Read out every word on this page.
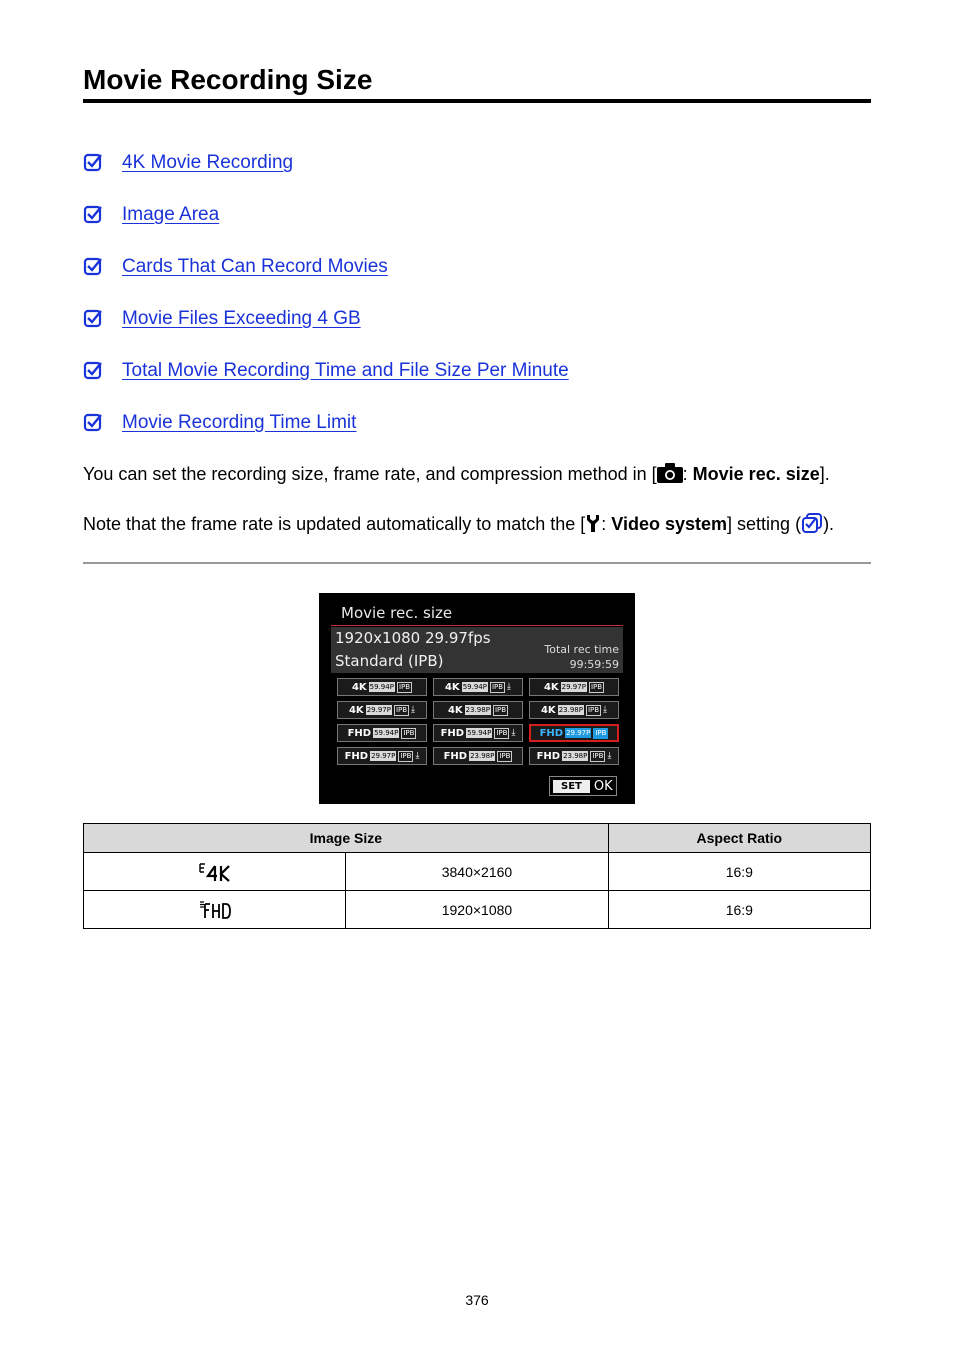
Movie Recording Size
4K Movie Recording
Image Area
Cards That Can Record Movies
Movie Files Exceeding 4 GB
Total Movie Recording Time and File Size Per Minute
Movie Recording Time Limit

You can set the recording size, frame rate, and compression method in [ : Movie rec. size].

Note that the frame rate is updated automatically to match the [ : Video system] setting ( ).

Movie rec. size
1920x1080 29.97fps
Standard (IPB)
Total rec time
99:59:59
4K 59.94P IPB	4K 59.94P IPB ⤓	4K 29.97P IPB
4K 29.97P IPB ⤓	4K 23.98P IPB	4K 23.98P IPB ⤓
FHD 59.94P IPB	FHD 59.94P IPB ⤓ FHD 29.97P IPB
FHD 29.97P IPB ⤓ FHD 23.98P IPB	FHD 23.98P IPB ⤓
SET OK
Image Size		Aspect Ratio
	3840×2160	16:9
	1920×1080	16:9
376
